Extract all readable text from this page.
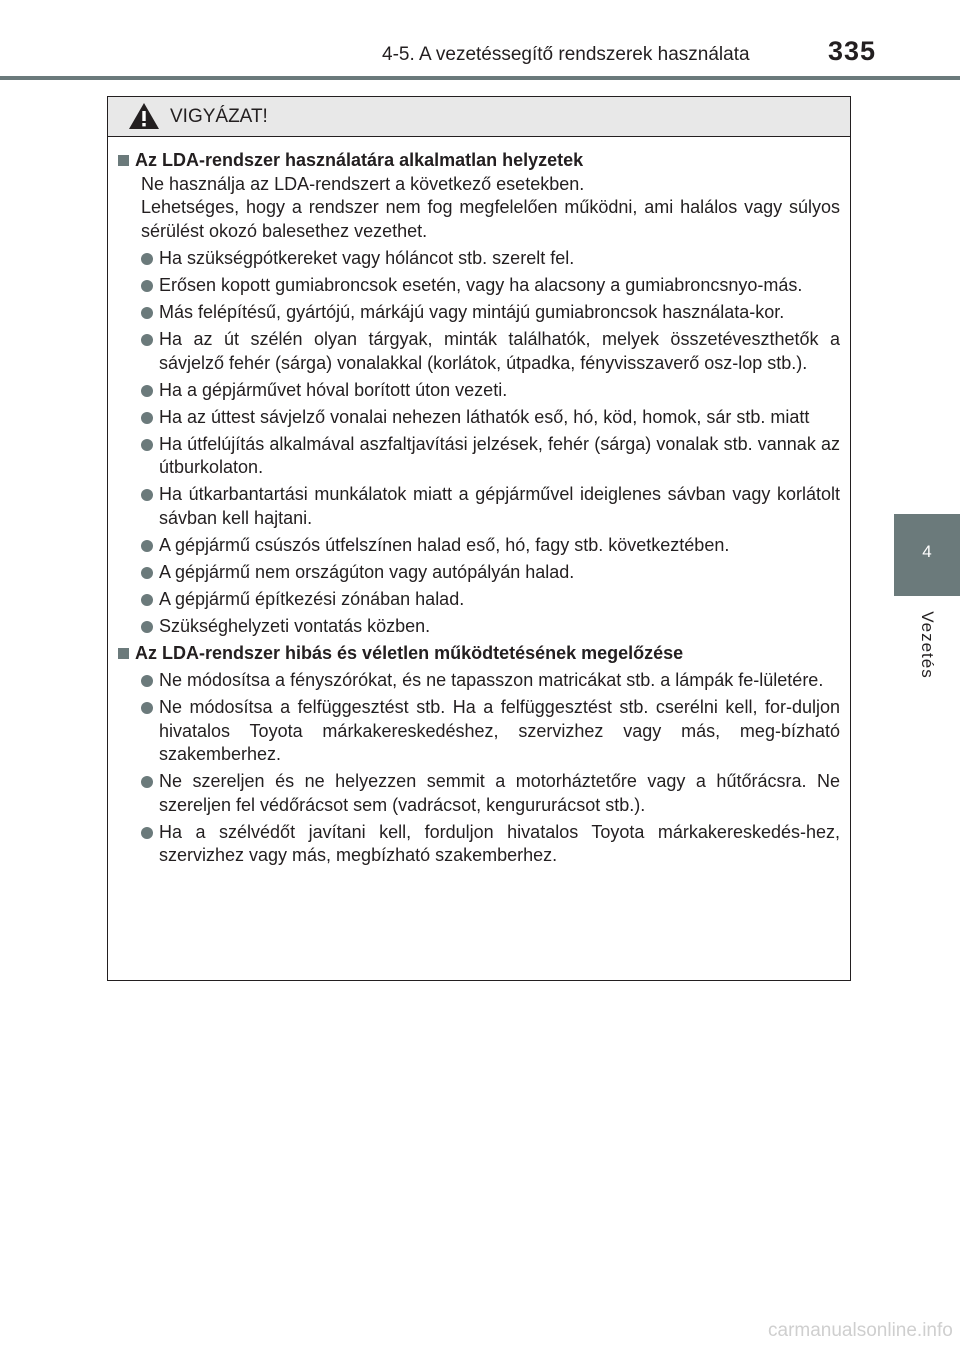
4-5. A vezetéssegítő rendszerek használata	335
4
Vezetés
VIGYÁZAT!
Az LDA-rendszer használatára alkalmatlan helyzetek

Ne használja az LDA-rendszert a következő esetekben.

Lehetséges, hogy a rendszer nem fog megfelelően működni, ami halálos vagy súlyos sérülést okozó balesethez vezethet.

Ha szükségpótkereket vagy hóláncot stb. szerelt fel.
Erősen kopott gumiabroncsok esetén, vagy ha alacsony a gumiabroncsnyo-más.
Más felépítésű, gyártójú, márkájú vagy mintájú gumiabroncsok használata-kor.
Ha az út szélén olyan tárgyak, minták találhatók, melyek összetéveszthetők a sávjelző fehér (sárga) vonalakkal (korlátok, útpadka, fényvisszaverő osz-lop stb.).
Ha a gépjárművet hóval borított úton vezeti.
Ha az úttest sávjelző vonalai nehezen láthatók eső, hó, köd, homok, sár stb. miatt
Ha útfelújítás alkalmával aszfaltjavítási jelzések, fehér (sárga) vonalak stb. vannak az útburkolaton.
Ha útkarbantartási munkálatok miatt a gépjárművel ideiglenes sávban vagy korlátolt sávban kell hajtani.
A gépjármű csúszós útfelszínen halad eső, hó, fagy stb. következtében.
A gépjármű nem országúton vagy autópályán halad.
A gépjármű építkezési zónában halad.
Szükséghelyzeti vontatás közben.
Az LDA-rendszer hibás és véletlen működtetésének megelőzése
Ne módosítsa a fényszórókat, és ne tapasszon matricákat stb. a lámpák fe-lületére.
Ne módosítsa a felfüggesztést stb. Ha a felfüggesztést stb. cserélni kell, for-duljon hivatalos Toyota márkakereskedéshez, szervizhez vagy más, meg-bízható szakemberhez.
Ne szereljen és ne helyezzen semmit a motorháztetőre vagy a hűtőrácsra. Ne szereljen fel védőrácsot sem (vadrácsot, kengururácsot stb.).
Ha a szélvédőt javítani kell, forduljon hivatalos Toyota márkakereskedés-hez, szervizhez vagy más, megbízható szakemberhez.
carmanualsonline.info
